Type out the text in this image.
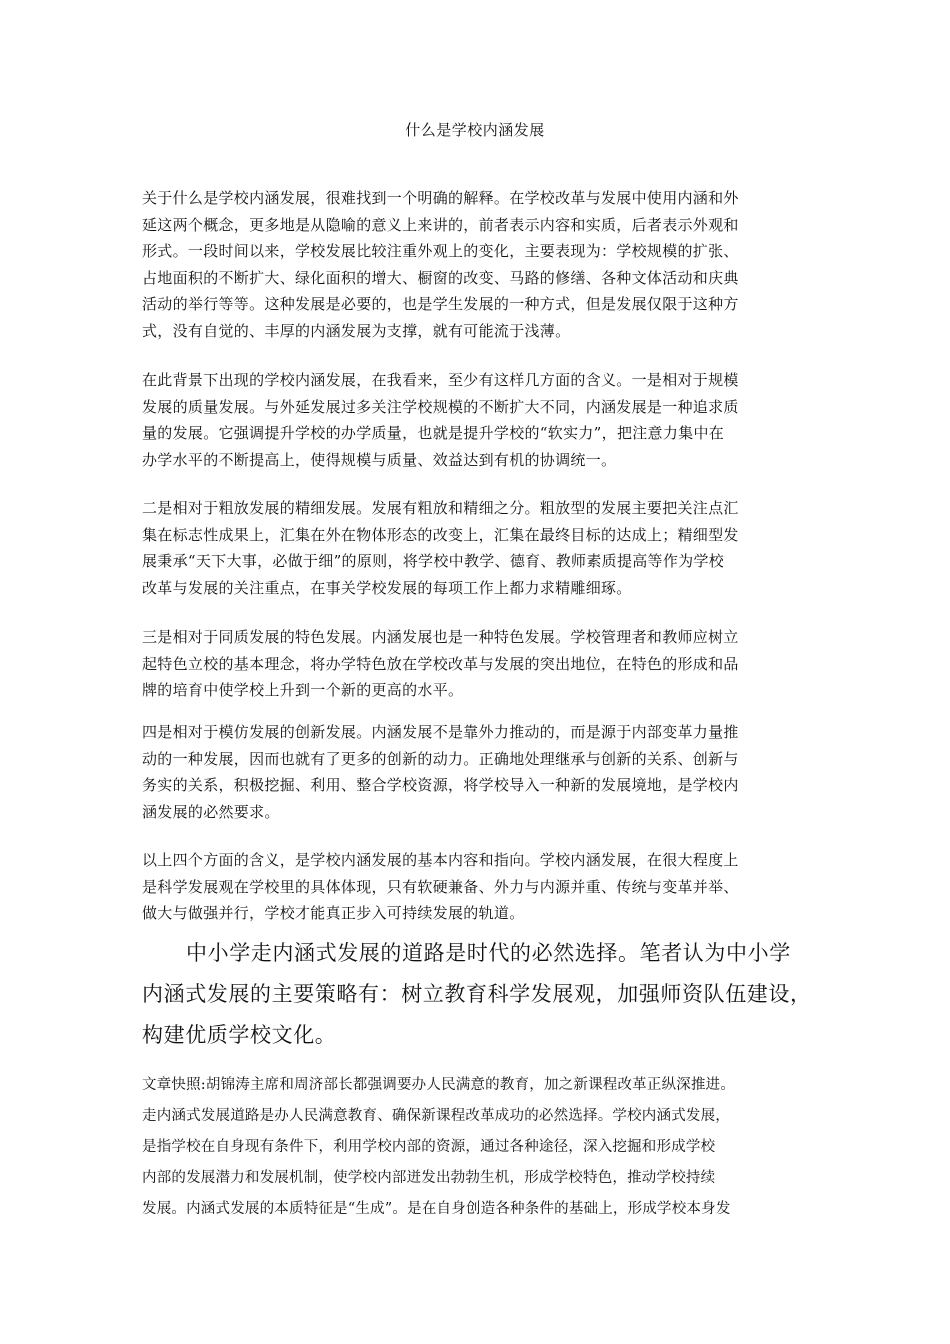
什么是学校内涵发展

关于什么是学校内涵发展，很难找到一个明确的解释。在学校改革与发展中使用内涵和外
延这两个概念，更多地是从隐喻的意义上来讲的，前者表示内容和实质，后者表示外观和
形式。一段时间以来，学校发展比较注重外观上的变化，主要表现为：学校规模的扩张、
占地面积的不断扩大、绿化面积的增大、橱窗的改变、马路的修缮、各种文体活动和庆典
活动的举行等等。这种发展是必要的，也是学生发展的一种方式，但是发展仅限于这种方
式，没有自觉的、丰厚的内涵发展为支撑，就有可能流于浅薄。

在此背景下出现的学校内涵发展，在我看来，至少有这样几方面的含义。一是相对于规模
发展的质量发展。与外延发展过多关注学校规模的不断扩大不同，内涵发展是一种追求质
量的发展。它强调提升学校的办学质量，也就是提升学校的“软实力”，把注意力集中在
办学水平的不断提高上，使得规模与质量、效益达到有机的协调统一。

二是相对于粗放发展的精细发展。发展有粗放和精细之分。粗放型的发展主要把关注点汇
集在标志性成果上，汇集在外在物体形态的改变上，汇集在最终目标的达成上；精细型发
展秉承“天下大事，必做于细”的原则，将学校中教学、德育、教师素质提高等作为学校
改革与发展的关注重点，在事关学校发展的每项工作上都力求精雕细琢。

三是相对于同质发展的特色发展。内涵发展也是一种特色发展。学校管理者和教师应树立
起特色立校的基本理念，将办学特色放在学校改革与发展的突出地位，在特色的形成和品
牌的培育中使学校上升到一个新的更高的水平。

四是相对于模仿发展的创新发展。内涵发展不是靠外力推动的，而是源于内部变革力量推
动的一种发展，因而也就有了更多的创新的动力。正确地处理继承与创新的关系、创新与
务实的关系，积极挖掘、利用、整合学校资源，将学校导入一种新的发展境地，是学校内
涵发展的必然要求。

以上四个方面的含义，是学校内涵发展的基本内容和指向。学校内涵发展，在很大程度上
是科学发展观在学校里的具体体现，只有软硬兼备、外力与内源并重、传统与变革并举、
做大与做强并行，学校才能真正步入可持续发展的轨道。

中小学走内涵式发展的道路是时代的必然选择。笔者认为中小学
内涵式发展的主要策略有：树立教育科学发展观，加强师资队伍建设，
构建优质学校文化。

文章快照:胡锦涛主席和周济部长都强调要办人民满意的教育，加之新课程改革正纵深推进。
走内涵式发展道路是办人民满意教育、确保新课程改革成功的必然选择。学校内涵式发展，
是指学校在自身现有条件下，利用学校内部的资源，通过各种途径，深入挖掘和形成学校
内部的发展潜力和发展机制，使学校内部迸发出勃勃生机，形成学校特色，推动学校持续
发展。内涵式发展的本质特征是“生成”。是在自身创造各种条件的基础上，形成学校本身发
